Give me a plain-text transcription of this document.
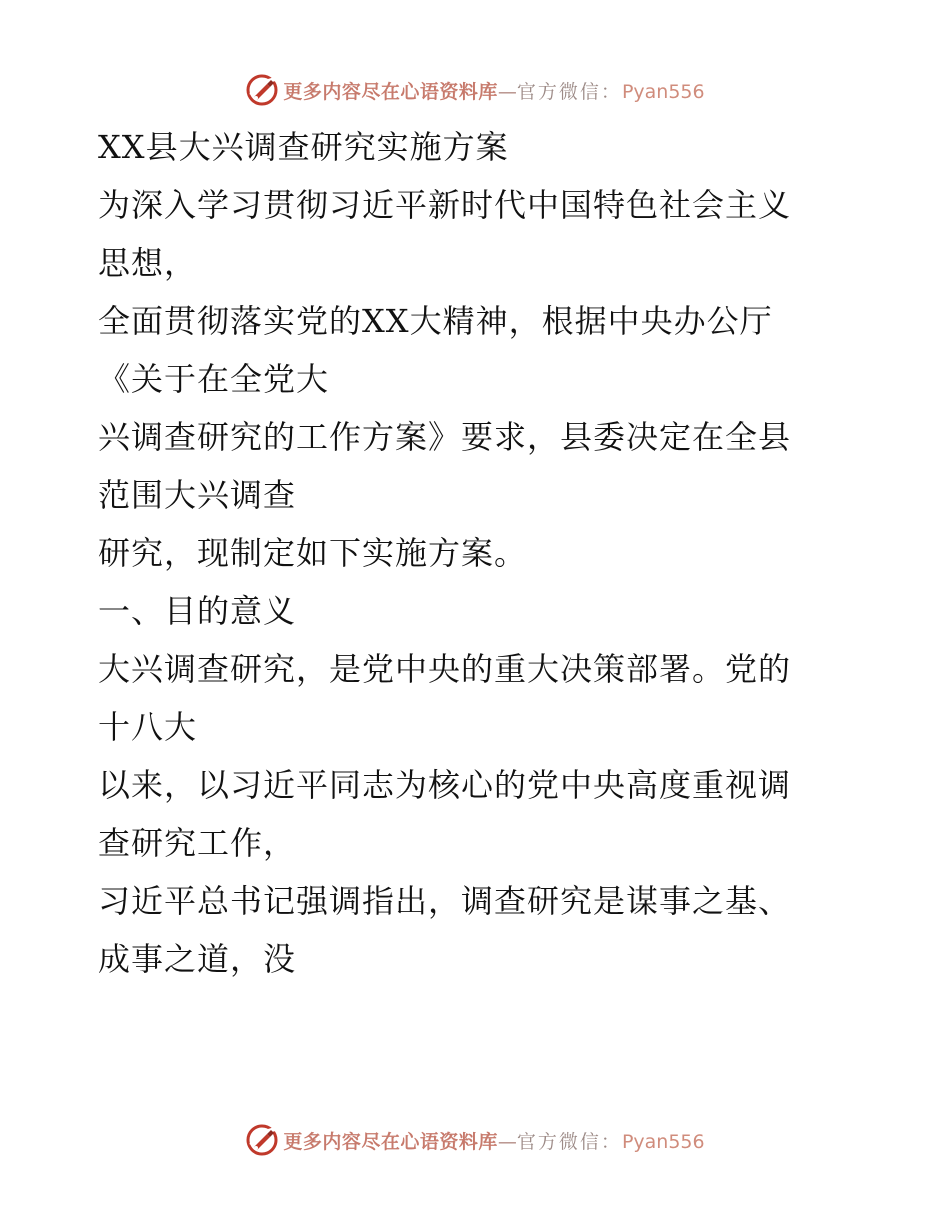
更多内容尽在心语资料库—官方微信：Pyan556
XX县大兴调查研究实施方案
为深入学习贯彻习近平新时代中国特色社会主义
思想，
全面贯彻落实党的XX大精神，根据中央办公厅
《关于在全党大
兴调查研究的工作方案》要求，县委决定在全县
范围大兴调查
研究，现制定如下实施方案。
一、目的意义
大兴调查研究，是党中央的重大决策部署。党的
十八大
以来，以习近平同志为核心的党中央高度重视调
查研究工作，
习近平总书记强调指出，调查研究是谋事之基、
成事之道，没
更多内容尽在心语资料库—官方微信：Pyan556
